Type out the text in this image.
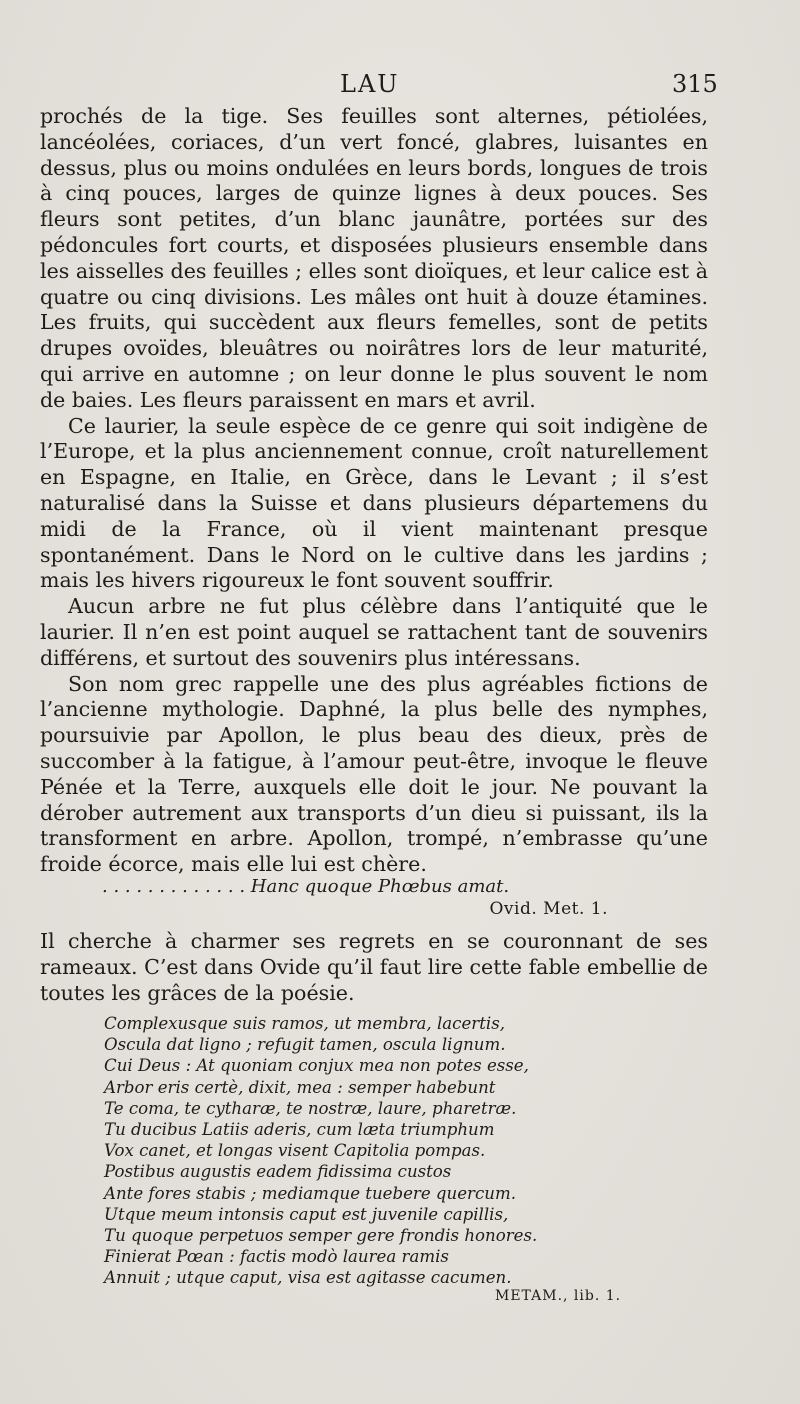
LAU	315

prochés de la tige. Ses feuilles sont alternes, pétiolées, lancéolées, coriaces, d’un vert foncé, glabres, luisantes en dessus, plus ou moins ondulées en leurs bords, longues de trois à cinq pouces, larges de quinze lignes à deux pouces. Ses fleurs sont petites, d’un blanc jaunâtre, portées sur des pédoncules fort courts, et disposées plusieurs ensemble dans les aisselles des feuilles ; elles sont dioïques, et leur calice est à quatre ou cinq divisions. Les mâles ont huit à douze étamines. Les fruits, qui succèdent aux fleurs femelles, sont de petits drupes ovoïdes, bleuâtres ou noirâtres lors de leur maturité, qui arrive en automne ; on leur donne le plus souvent le nom de baies. Les fleurs paraissent en mars et avril.

Ce laurier, la seule espèce de ce genre qui soit indigène de l’Europe, et la plus anciennement connue, croît naturellement en Espagne, en Italie, en Grèce, dans le Levant ; il s’est naturalisé dans la Suisse et dans plusieurs départemens du midi de la France, où il vient maintenant presque spontanément. Dans le Nord on le cultive dans les jardins ; mais les hivers rigoureux le font souvent souffrir.

Aucun arbre ne fut plus célèbre dans l’antiquité que le laurier. Il n’en est point auquel se rattachent tant de souvenirs différens, et surtout des souvenirs plus intéressans.

Son nom grec rappelle une des plus agréables fictions de l’ancienne mythologie. Daphné, la plus belle des nymphes, poursuivie par Apollon, le plus beau des dieux, près de succomber à la fatigue, à l’amour peut-être, invoque le fleuve Pénée et la Terre, auxquels elle doit le jour. Ne pouvant la dérober autrement aux transports d’un dieu si puissant, ils la transforment en arbre. Apollon, trompé, n’embrasse qu’une froide écorce, mais elle lui est chère.

. . . . . . . . . . . . . Hanc quoque Phœbus amat.
Ovid. Met. 1.

Il cherche à charmer ses regrets en se couronnant de ses rameaux. C’est dans Ovide qu’il faut lire cette fable embellie de toutes les grâces de la poésie.

Complexusque suis ramos, ut membra, lacertis,
Oscula dat ligno ; refugit tamen, oscula lignum.
Cui Deus : At quoniam conjux mea non potes esse,
Arbor eris certè, dixit, mea : semper habebunt
Te coma, te cytharæ, te nostræ, laure, pharetræ.
Tu ducibus Latiis aderis, cum læta triumphum
Vox canet, et longas visent Capitolia pompas.
Postibus augustis eadem fidissima custos
Ante fores stabis ; mediamque tuebere quercum.
Utque meum intonsis caput est juvenile capillis,
Tu quoque perpetuos semper gere frondis honores.
Finierat Pœan : factis modò laurea ramis
Annuit ; utque caput, visa est agitasse cacumen.
METAM., lib. 1.
